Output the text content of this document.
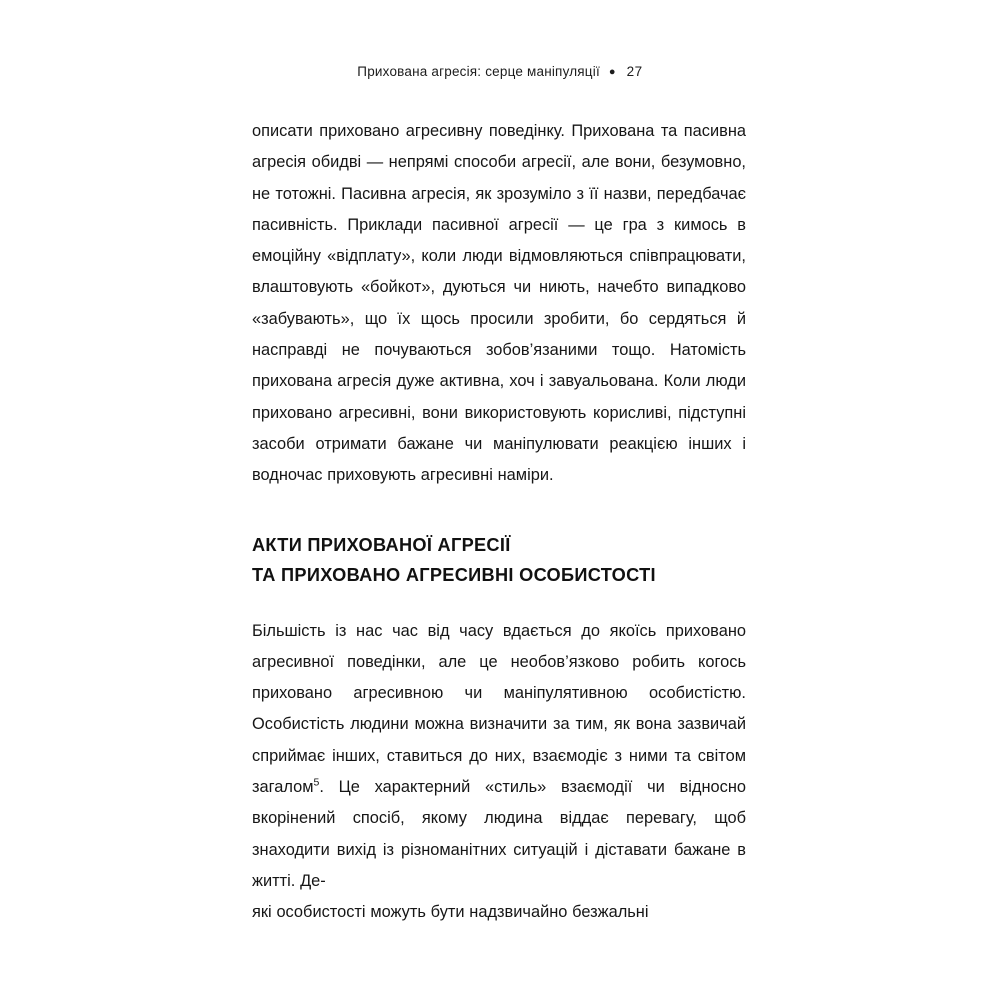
Прихована агресія: серце манiпуляцiї ● 27

описати приховано агресивну поведінку. Прихована та пасивна агресія обидві — непрямі способи агресії, але вони, безумовно, не тотожні. Пасивна агресія, як зрозуміло з її назви, передбачає пасивність. Приклади пасивної агресії — це гра з кимось в емоційну «відплату», коли люди відмовляються співпрацювати, влаштовують «бойкот», дуються чи ниють, начебто випадково «забувають», що їх щось просили зробити, бо сердяться й насправді не почуваються зобов’язаними тощо. Натомість прихована агресія дуже активна, хоч і завуальована. Коли люди приховано агресивні, вони використовують корисливі, підступні засоби отримати бажане чи манiпулювати реакцією інших і водночас приховують агресивні намiри.

АКТИ ПРИХОВАНОЇ АГРЕСІЇ
ТА ПРИХОВАНО АГРЕСИВНІ ОСОБИСТОСТІ

Більшість із нас час від часу вдається до якоїсь приховано агресивної поведінки, але це необов’язково робить когось приховано агресивною чи манiпулятивною особистістю. Особистість людини можна визначити за тим, як вона зазвичай сприймає інших, ставиться до них, взаємодіє з ними та світом загалом$^5$. Це характерний «стиль» взаємодії чи відносно вкорінений спосіб, якому людина віддає перевагу, щоб знаходити вихід із різноманітних ситуацій і дістaвати бажане в житті. Де-

які особистості можуть бути надзвичайно безжальні
